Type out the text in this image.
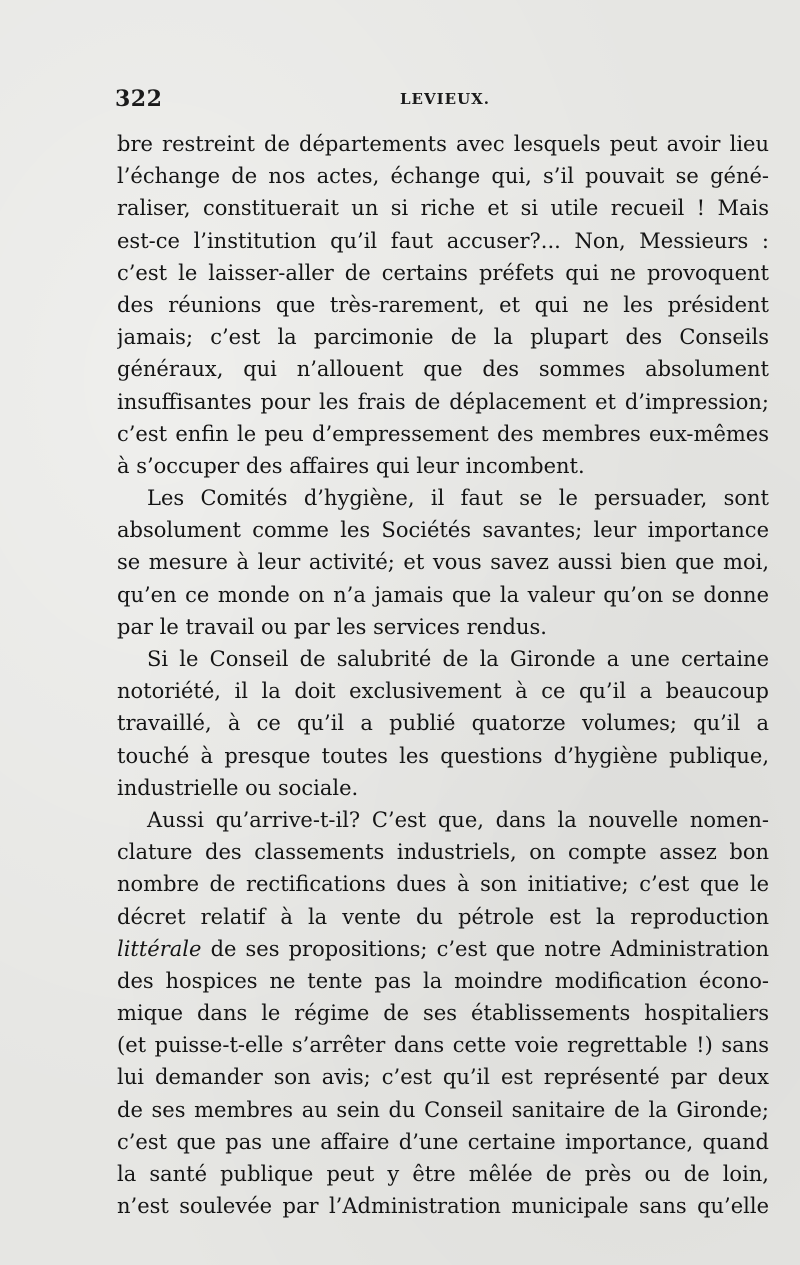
322	LEVIEUX.
bre restreint de départements avec lesquels peut avoir lieu
l’échange de nos actes, échange qui, s’il pouvait se géné-
raliser, constituerait un si riche et si utile recueil ! Mais
est-ce l’institution qu’il faut accuser?... Non, Messieurs :
c’est le laisser-aller de certains préfets qui ne provoquent
des réunions que très-rarement, et qui ne les président
jamais; c’est la parcimonie de la plupart des Conseils
généraux, qui n’allouent que des sommes absolument
insuffisantes pour les frais de déplacement et d’impression;
c’est enfin le peu d’empressement des membres eux-mêmes
à s’occuper des affaires qui leur incombent.
Les Comités d’hygiène, il faut se le persuader, sont
absolument comme les Sociétés savantes; leur importance
se mesure à leur activité; et vous savez aussi bien que moi,
qu’en ce monde on n’a jamais que la valeur qu’on se donne
par le travail ou par les services rendus.
Si le Conseil de salubrité de la Gironde a une certaine
notoriété, il la doit exclusivement à ce qu’il a beaucoup
travaillé, à ce qu’il a publié quatorze volumes; qu’il a
touché à presque toutes les questions d’hygiène publique,
industrielle ou sociale.
Aussi qu’arrive-t-il? C’est que, dans la nouvelle nomen-
clature des classements industriels, on compte assez bon
nombre de rectifications dues à son initiative; c’est que le
décret relatif à la vente du pétrole est la reproduction
littérale de ses propositions; c’est que notre Administration
des hospices ne tente pas la moindre modification écono-
mique dans le régime de ses établissements hospitaliers
(et puisse-t-elle s’arrêter dans cette voie regrettable !) sans
lui demander son avis; c’est qu’il est représenté par deux
de ses membres au sein du Conseil sanitaire de la Gironde;
c’est que pas une affaire d’une certaine importance, quand
la santé publique peut y être mêlée de près ou de loin,
n’est soulevée par l’Administration municipale sans qu’elle
